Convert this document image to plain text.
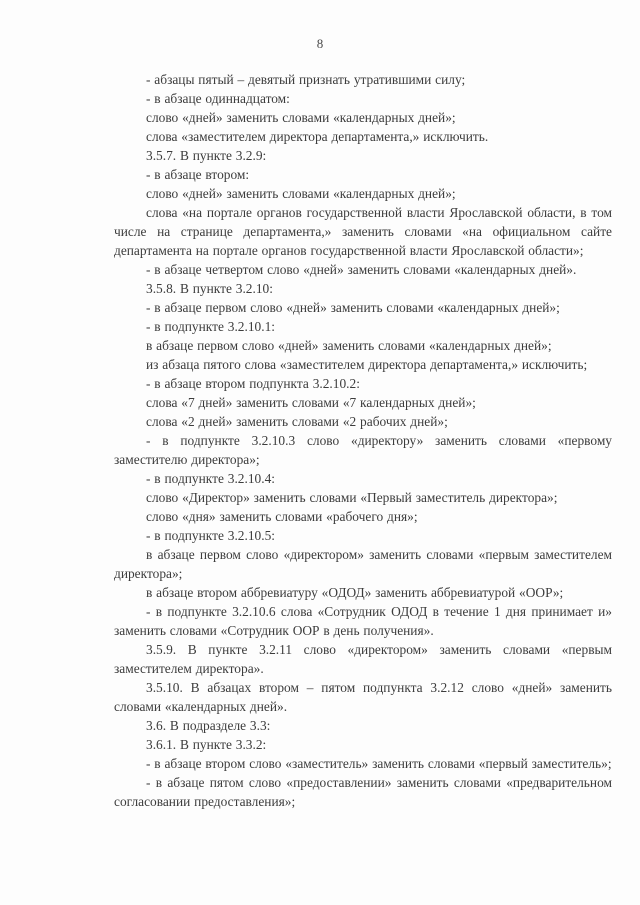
8

- абзацы пятый – девятый признать утратившими силу;

- в абзаце одиннадцатом:

слово «дней» заменить словами «календарных дней»;

слова «заместителем директора департамента,» исключить.

3.5.7. В пункте 3.2.9:

- в абзаце втором:

слово «дней» заменить словами «календарных дней»;

слова «на портале органов государственной власти Ярославской области, в том числе на странице департамента,» заменить словами «на официальном сайте департамента на портале органов государственной власти Ярославской области»;

- в абзаце четвертом слово «дней» заменить словами «календарных дней».

3.5.8. В пункте 3.2.10:

- в абзаце первом слово «дней» заменить словами «календарных дней»;

- в подпункте 3.2.10.1:

в абзаце первом слово «дней» заменить словами «календарных дней»;

из абзаца пятого слова «заместителем директора департамента,» исключить;

- в абзаце втором подпункта 3.2.10.2:

слова «7 дней» заменить словами «7 календарных дней»;

слова «2 дней» заменить словами «2 рабочих дней»;

- в подпункте 3.2.10.3 слово «директору» заменить словами «первому заместителю директора»;

- в подпункте 3.2.10.4:

слово «Директор» заменить словами «Первый заместитель директора»;

слово «дня» заменить словами «рабочего дня»;

- в подпункте 3.2.10.5:

в абзаце первом слово «директором» заменить словами «первым заместителем директора»;

в абзаце втором аббревиатуру «ОДОД» заменить аббревиатурой «ООР»;

- в подпункте 3.2.10.6 слова «Сотрудник ОДОД в течение 1 дня принимает и» заменить словами «Сотрудник ООР в день получения».

3.5.9. В пункте 3.2.11 слово «директором» заменить словами «первым заместителем директора».

3.5.10. В абзацах втором – пятом подпункта 3.2.12 слово «дней» заменить словами «календарных дней».

3.6. В подразделе 3.3:

3.6.1. В пункте 3.3.2:

- в абзаце втором слово «заместитель» заменить словами «первый заместитель»;

- в абзаце пятом слово «предоставлении» заменить словами «предварительном согласовании предоставления»;
